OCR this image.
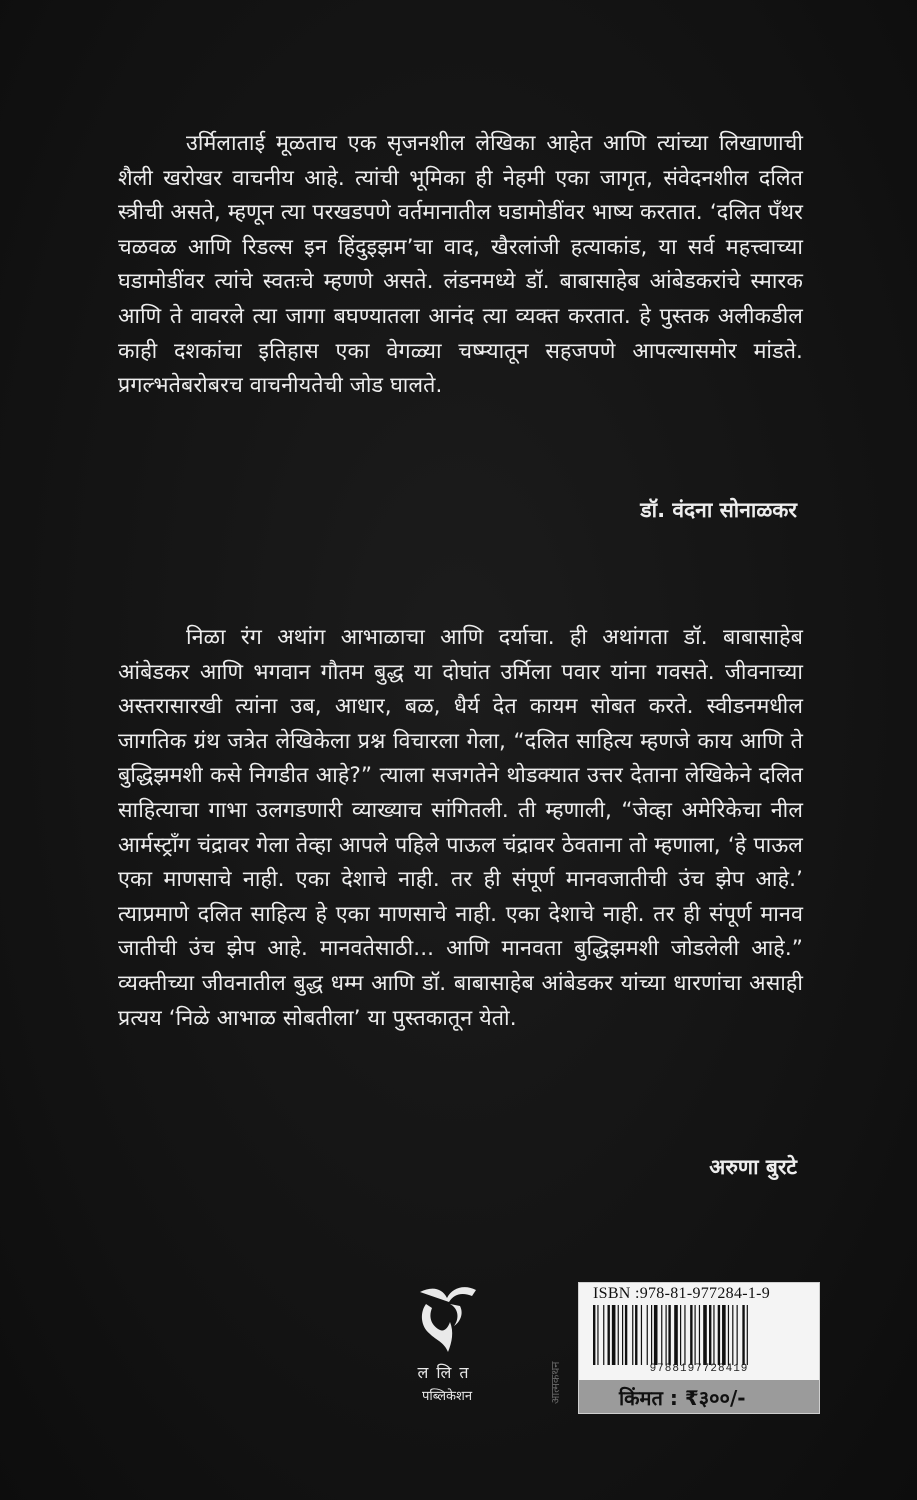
उर्मिलाताई मूळताच एक सृजनशील लेखिका आहेत आणि त्यांच्या लिखाणाची शैली खरोखर वाचनीय आहे. त्यांची भूमिका ही नेहमी एका जागृत, संवेदनशील दलित स्त्रीची असते, म्हणून त्या परखडपणे वर्तमानातील घडामोडींवर भाष्य करतात. ‘दलित पँथर चळवळ आणि रिडल्स इन हिंदुइझम’चा वाद, खैरलांजी हत्याकांड, या सर्व महत्त्वाच्या घडामोडींवर त्यांचे स्वतःचे म्हणणे असते. लंडनमध्ये डॉ. बाबासाहेब आंबेडकरांचे स्मारक आणि ते वावरले त्या जागा बघण्यातला आनंद त्या व्यक्त करतात. हे पुस्तक अलीकडील काही दशकांचा इतिहास एका वेगळ्या चष्म्यातून सहजपणे आपल्यासमोर मांडते. प्रगल्भतेबरोबरच वाचनीयतेची जोड घालते.

डॉ. वंदना सोनाळकर

निळा रंग अथांग आभाळाचा आणि दर्याचा. ही अथांगता डॉ. बाबासाहेब आंबेडकर आणि भगवान गौतम बुद्ध या दोघांत उर्मिला पवार यांना गवसते. जीवनाच्या अस्तरासारखी त्यांना उब, आधार, बळ, धैर्य देत कायम सोबत करते. स्वीडनमधील जागतिक ग्रंथ जत्रेत लेखिकेला प्रश्न विचारला गेला, “दलित साहित्य म्हणजे काय आणि ते बुद्धिझमशी कसे निगडीत आहे?” त्याला सजगतेने थोडक्यात उत्तर देताना लेखिकेने दलित साहित्याचा गाभा उलगडणारी व्याख्याच सांगितली. ती म्हणाली, “जेव्हा अमेरिकेचा नील आर्मस्ट्राँग चंद्रावर गेला तेव्हा आपले पहिले पाऊल चंद्रावर ठेवताना तो म्हणाला, ‘हे पाऊल एका माणसाचे नाही. एका देशाचे नाही. तर ही संपूर्ण मानवजातीची उंच झेप आहे.’ त्याप्रमाणे दलित साहित्य हे एका माणसाचे नाही. एका देशाचे नाही. तर ही संपूर्ण मानव जातीची उंच झेप आहे. मानवतेसाठी... आणि मानवता बुद्धिझमशी जोडलेली आहे.” व्यक्तीच्या जीवनातील बुद्ध धम्म आणि डॉ. बाबासाहेब आंबेडकर यांच्या धारणांचा असाही प्रत्यय ‘निळे आभाळ सोबतीला’ या पुस्तकातून येतो.

अरुणा बुरटे
ललित
पब्लिकेशन	आत्मकथन
ISBN :978-81-977284-1-9
9788197728419
किंमत : ₹३००/-
